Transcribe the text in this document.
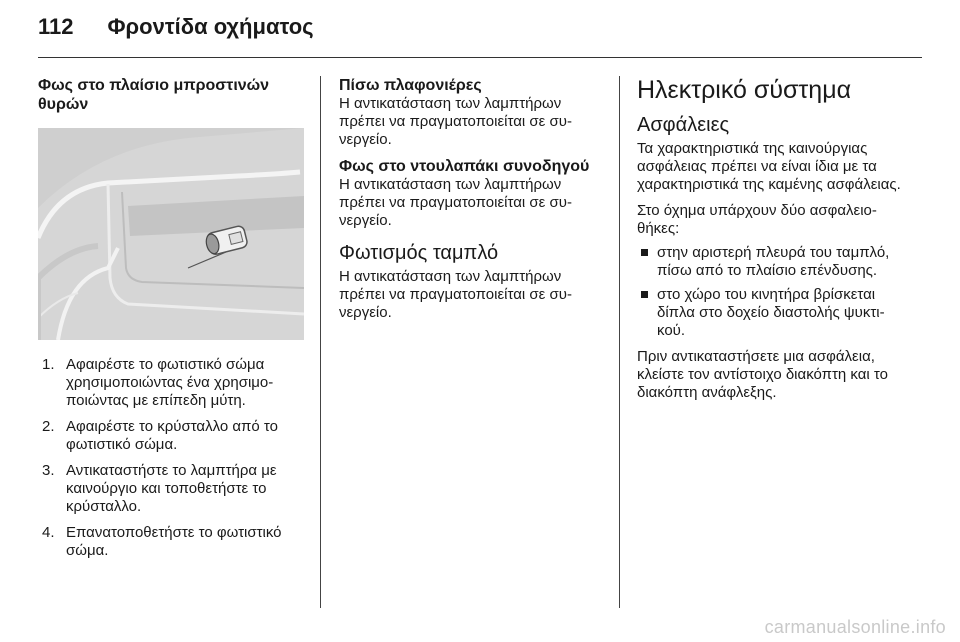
112 Φροντίδα οχήματος
Φως στο πλαίσιο μπροστινών θυρών
1. Αφαιρέστε το φωτιστικό σώμα χρησιμοποιώντας ένα χρησιμοποιώντας με επίπεδη μύτη.
2. Αφαιρέστε το κρύσταλλο από το φωτιστικό σώμα.
3. Αντικαταστήστε το λαμπτήρα με καινούργιο και τοποθετήστε το κρύσταλλο.
4. Επανατοποθετήστε το φωτιστικό σώμα.
Πίσω πλαφονιέρες

Η αντικατάσταση των λαμπτήρων πρέπει να πραγματοποιείται σε συνεργείο.

Φως στο ντουλαπάκι συνοδηγού

Η αντικατάσταση των λαμπτήρων πρέπει να πραγματοποιείται σε συνεργείο.

Φωτισμός ταμπλό

Η αντικατάσταση των λαμπτήρων πρέπει να πραγματοποιείται σε συνεργείο.

Ηλεκτρικό σύστημα
Ασφάλειες

Τα χαρακτηριστικά της καινούργιας ασφάλειας πρέπει να είναι ίδια με τα χαρακτηριστικά της καμένης ασφάλειας.

Στο όχημα υπάρχουν δύο ασφαλειοθήκες:

στην αριστερή πλευρά του ταμπλό, πίσω από το πλαίσιο επένδυσης.
στο χώρο του κινητήρα βρίσκεται δίπλα στο δοχείο διαστολής ψυκτικού.

Πριν αντικαταστήσετε μια ασφάλεια, κλείστε τον αντίστοιχο διακόπτη και το διακόπτη ανάφλεξης.

carmanualsonline.info
